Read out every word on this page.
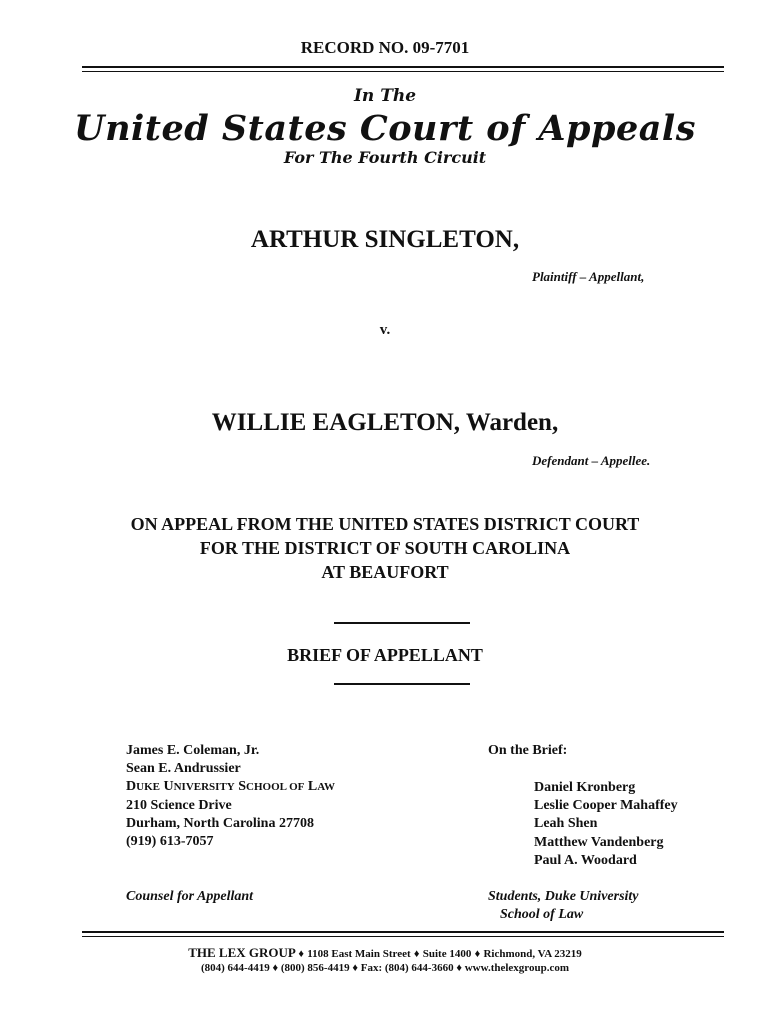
RECORD NO. 09-7701
In The
United States Court of Appeals
For The Fourth Circuit
ARTHUR SINGLETON,
Plaintiff – Appellant,
v.
WILLIE EAGLETON, Warden,
Defendant – Appellee.
ON APPEAL FROM THE UNITED STATES DISTRICT COURT
FOR THE DISTRICT OF SOUTH CAROLINA
AT BEAUFORT
BRIEF OF APPELLANT
James E. Coleman, Jr.
Sean E. Andrussier
DUKE UNIVERSITY SCHOOL OF LAW
210 Science Drive
Durham, North Carolina 27708
(919) 613-7057
Counsel for Appellant
On the Brief:
Daniel Kronberg
Leslie Cooper Mahaffey
Leah Shen
Matthew Vandenberg
Paul A. Woodard
Students, Duke University
School of Law
THE LEX GROUP ♦ 1108 East Main Street ♦ Suite 1400 ♦ Richmond, VA 23219
(804) 644-4419 ♦ (800) 856-4419 ♦ Fax: (804) 644-3660 ♦ www.thelexgroup.com
